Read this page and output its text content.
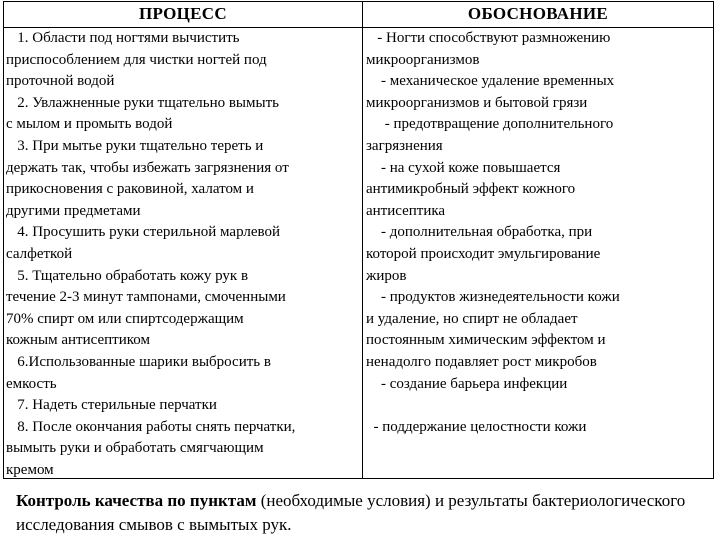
ПРОЦЕСС	ОБОСНОВАНИЕ
1. Области под ногтями вычистить
приспособлением для чистки ногтей под
проточной водой
2. Увлажненные руки тщательно вымыть
с мылом и промыть водой
3. При мытье руки тщательно тереть и
держать так, чтобы избежать загрязнения от
прикосновения с раковиной, халатом и
другими предметами
4. Просушить руки стерильной марлевой
салфеткой
5. Тщательно обработать кожу рук в
течение 2-3 минут тампонами, смоченными
70% спирт ом или спиртсодержащим
кожным антисептиком
6.Использованные шарики выбросить в
емкость
7. Надеть стерильные перчатки
8. После окончания работы снять перчатки,
вымыть руки и обработать смягчающим
кремом
- Ногти способствуют размножению
микроорганизмов
- механическое удаление временных
микроорганизмов и бытовой грязи
- предотвращение дополнительного
загрязнения
- на сухой коже повышается
антимикробный эффект кожного
антисептика
- дополнительная обработка, при
которой происходит эмульгирование
жиров
- продуктов жизнедеятельности кожи
и удаление, но спирт не обладает
постоянным химическим эффектом и
ненадолго подавляет рост микробов
- создание барьера инфекции

- поддержание целостности кожи
Контроль качества по пунктам (необходимые условия) и результаты бактериологического исследования смывов с вымытых рук.
